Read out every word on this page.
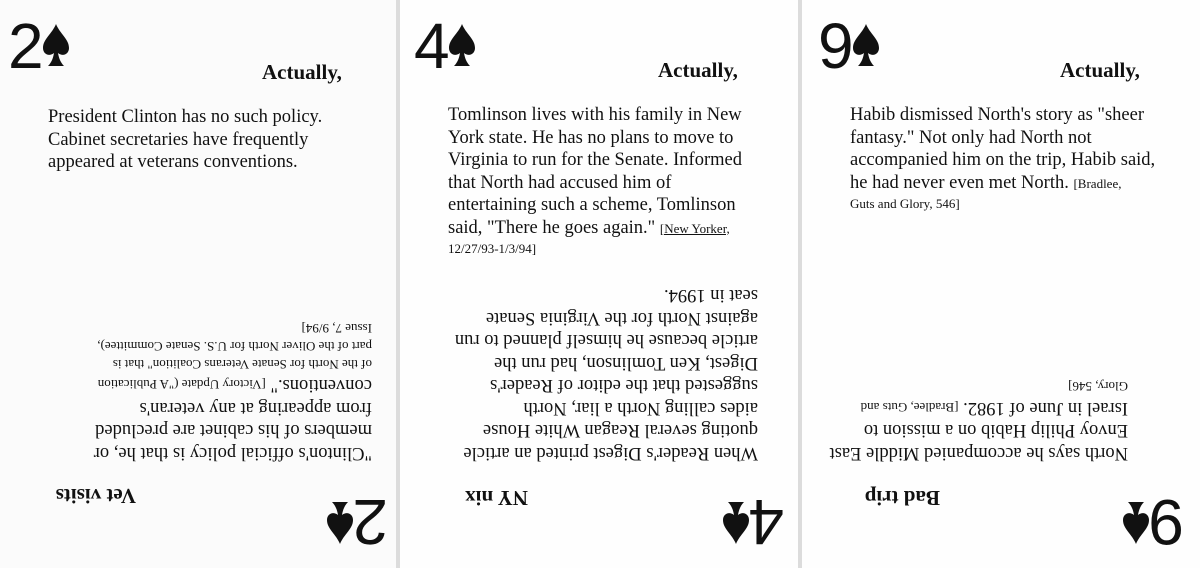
2	Actually,
President Clinton has no such policy.
Cabinet secretaries have frequently
appeared at veterans conventions.
2
Vet visits
"Clinton's official policy is that he, or
members of his cabinet are precluded
from appearing at any veteran's
conventions." [Victory Update ("A Publication
of the North for Senate Veterans Coalition" that is
part of the Oliver North for U.S. Senate Committee),
Issue 7, 9/94]
4	Actually,
Tomlinson lives with his family in New
York state. He has no plans to move to
Virginia to run for the Senate. Informed
that North had accused him of
entertaining such a scheme, Tomlinson
said, "There he goes again." [New Yorker,
12/27/93-1/3/94]
4
NY nix
When Reader's Digest printed an article
quoting several Reagan White House
aides calling North a liar, North
suggested that the editor of Reader's
Digest, Ken Tomlinson, had run the
article because he himself planned to run
against North for the Virginia Senate
seat in 1994.
9	Actually,
Habib dismissed North's story as "sheer
fantasy." Not only had North not
accompanied him on the trip, Habib said,
he had never even met North. [Bradlee,
Guts and Glory, 546]
9
Bad trip
North says he accompanied Middle East
Envoy Philip Habib on a mission to
Israel in June of 1982. [Bradlee, Guts and
Glory, 546]
